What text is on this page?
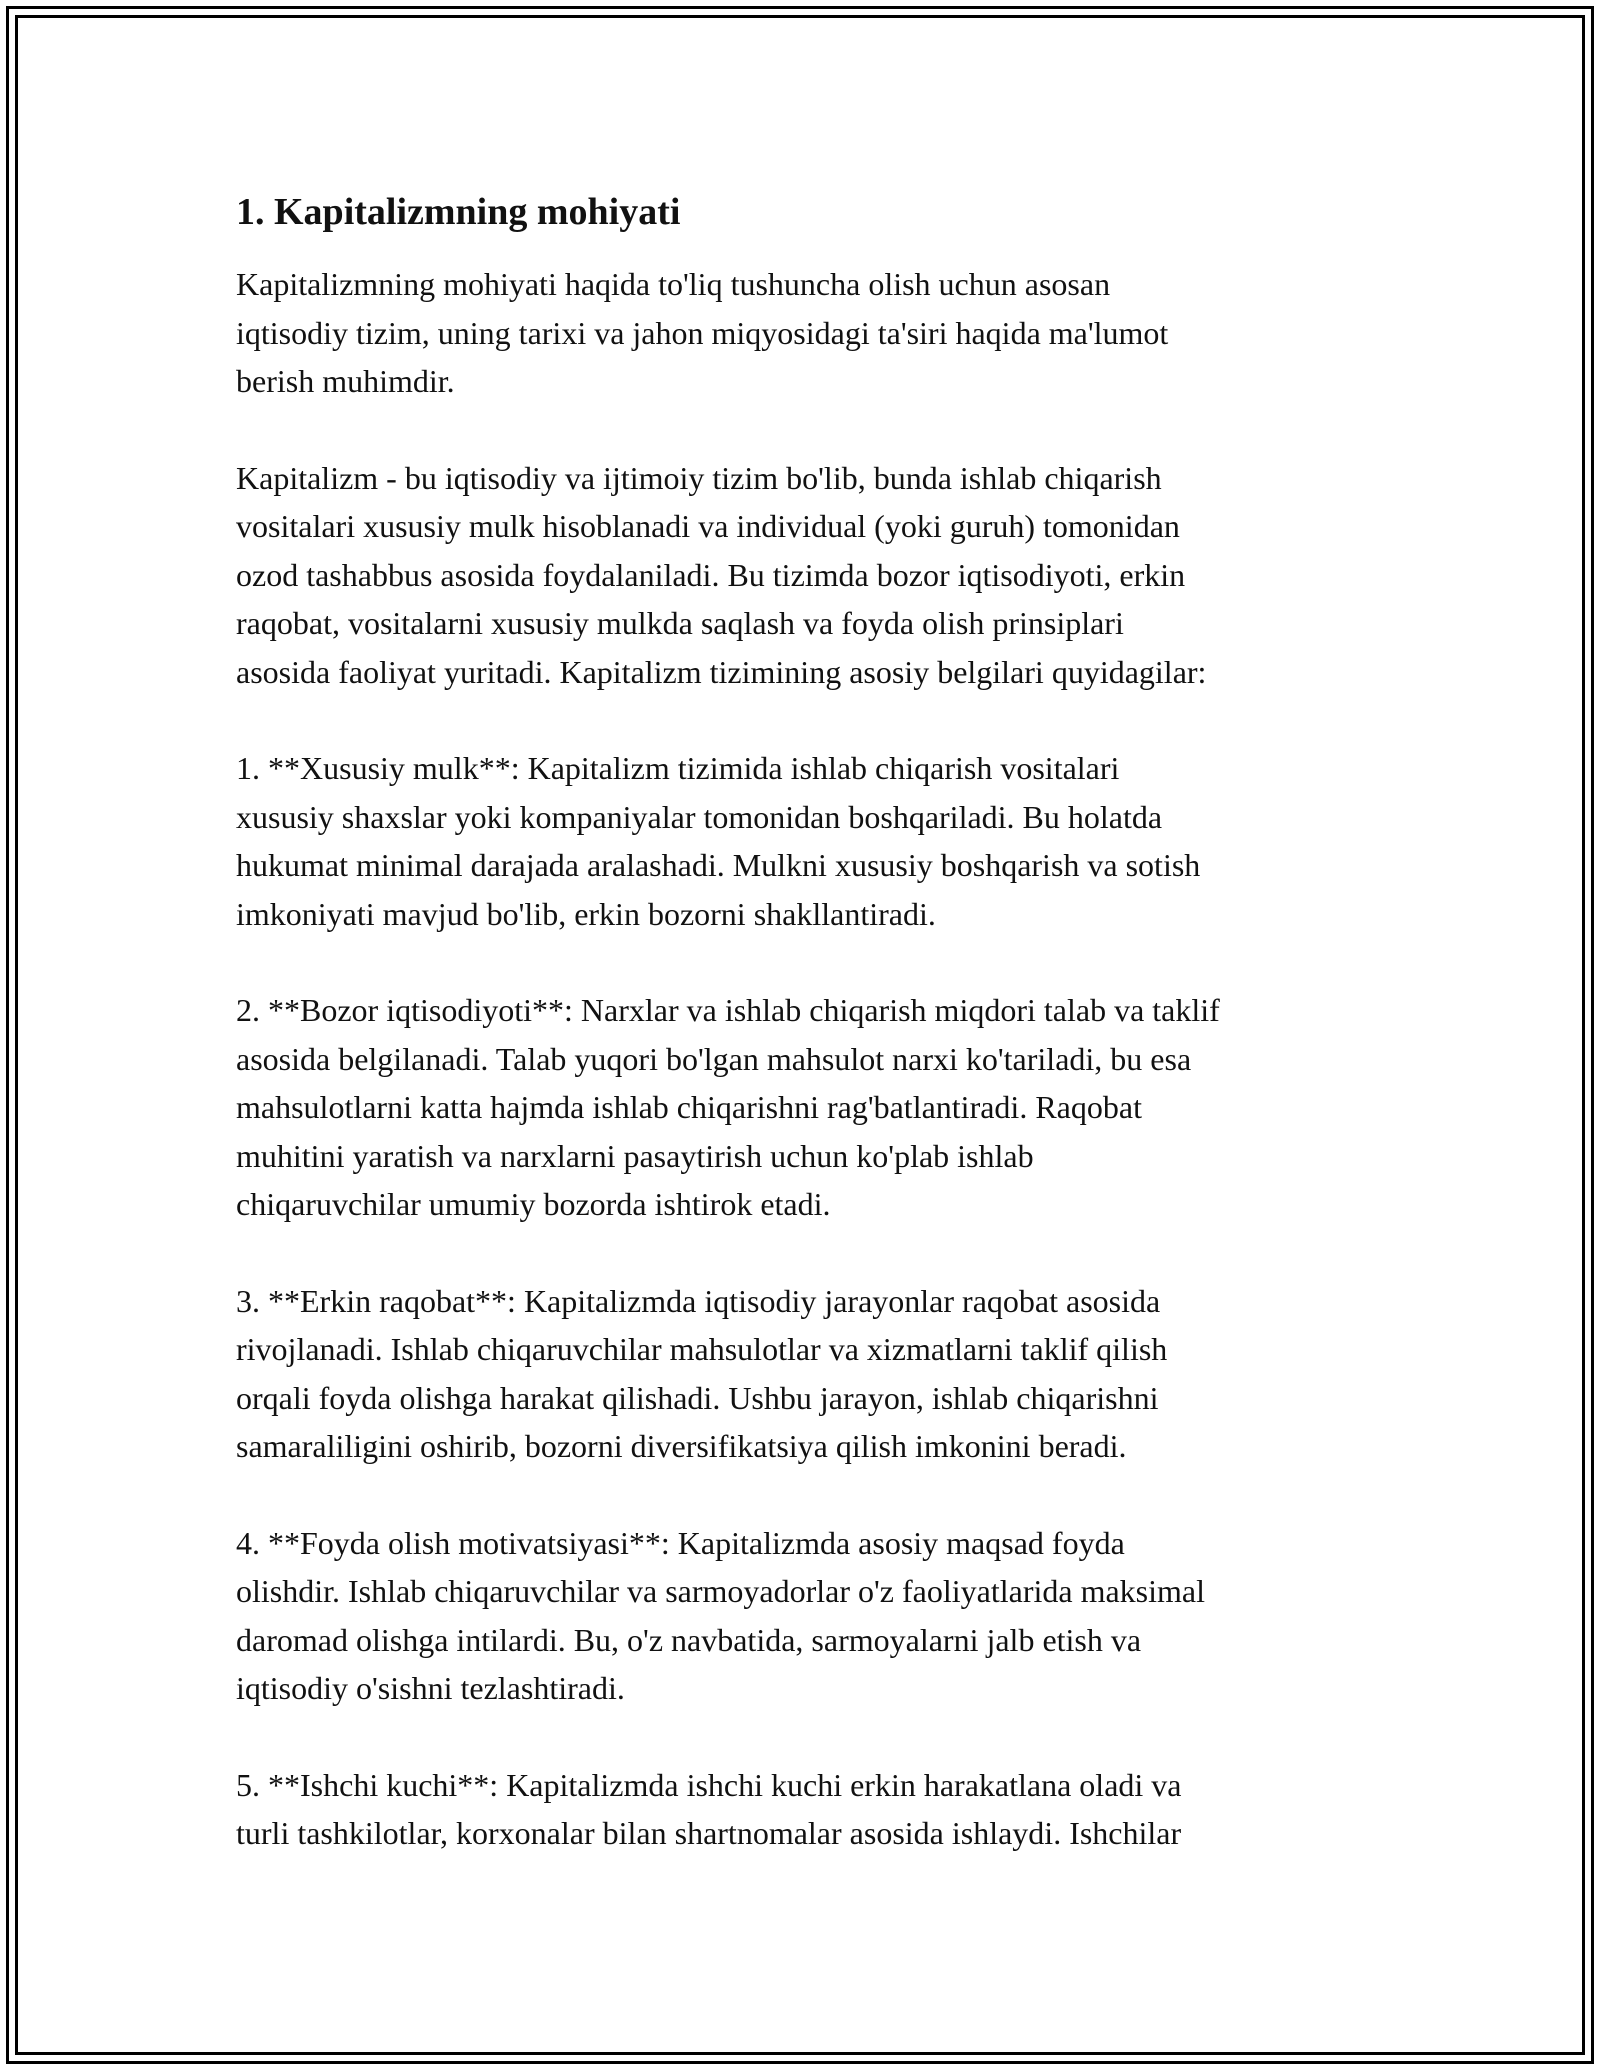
1. Kapitalizmning mohiyati

Kapitalizmning mohiyati haqida to'liq tushuncha olish uchun asosan
iqtisodiy tizim, uning tarixi va jahon miqyosidagi ta'siri haqida ma'lumot
berish muhimdir.

Kapitalizm - bu iqtisodiy va ijtimoiy tizim bo'lib, bunda ishlab chiqarish
vositalari xususiy mulk hisoblanadi va individual (yoki guruh) tomonidan
ozod tashabbus asosida foydalaniladi. Bu tizimda bozor iqtisodiyoti, erkin
raqobat, vositalarni xususiy mulkda saqlash va foyda olish prinsiplari
asosida faoliyat yuritadi. Kapitalizm tizimining asosiy belgilari quyidagilar:

1. **Xususiy mulk**: Kapitalizm tizimida ishlab chiqarish vositalari
xususiy shaxslar yoki kompaniyalar tomonidan boshqariladi. Bu holatda
hukumat minimal darajada aralashadi. Mulkni xususiy boshqarish va sotish
imkoniyati mavjud bo'lib, erkin bozorni shakllantiradi.

2. **Bozor iqtisodiyoti**: Narxlar va ishlab chiqarish miqdori talab va taklif
asosida belgilanadi. Talab yuqori bo'lgan mahsulot narxi ko'tariladi, bu esa
mahsulotlarni katta hajmda ishlab chiqarishni rag'batlantiradi. Raqobat
muhitini yaratish va narxlarni pasaytirish uchun ko'plab ishlab
chiqaruvchilar umumiy bozorda ishtirok etadi.

3. **Erkin raqobat**: Kapitalizmda iqtisodiy jarayonlar raqobat asosida
rivojlanadi. Ishlab chiqaruvchilar mahsulotlar va xizmatlarni taklif qilish
orqali foyda olishga harakat qilishadi. Ushbu jarayon, ishlab chiqarishni
samaraliligini oshirib, bozorni diversifikatsiya qilish imkonini beradi.

4. **Foyda olish motivatsiyasi**: Kapitalizmda asosiy maqsad foyda
olishdir. Ishlab chiqaruvchilar va sarmoyadorlar o'z faoliyatlarida maksimal
daromad olishga intilardi. Bu, o'z navbatida, sarmoyalarni jalb etish va
iqtisodiy o'sishni tezlashtiradi.

5. **Ishchi kuchi**: Kapitalizmda ishchi kuchi erkin harakatlana oladi va
turli tashkilotlar, korxonalar bilan shartnomalar asosida ishlaydi. Ishchilar
